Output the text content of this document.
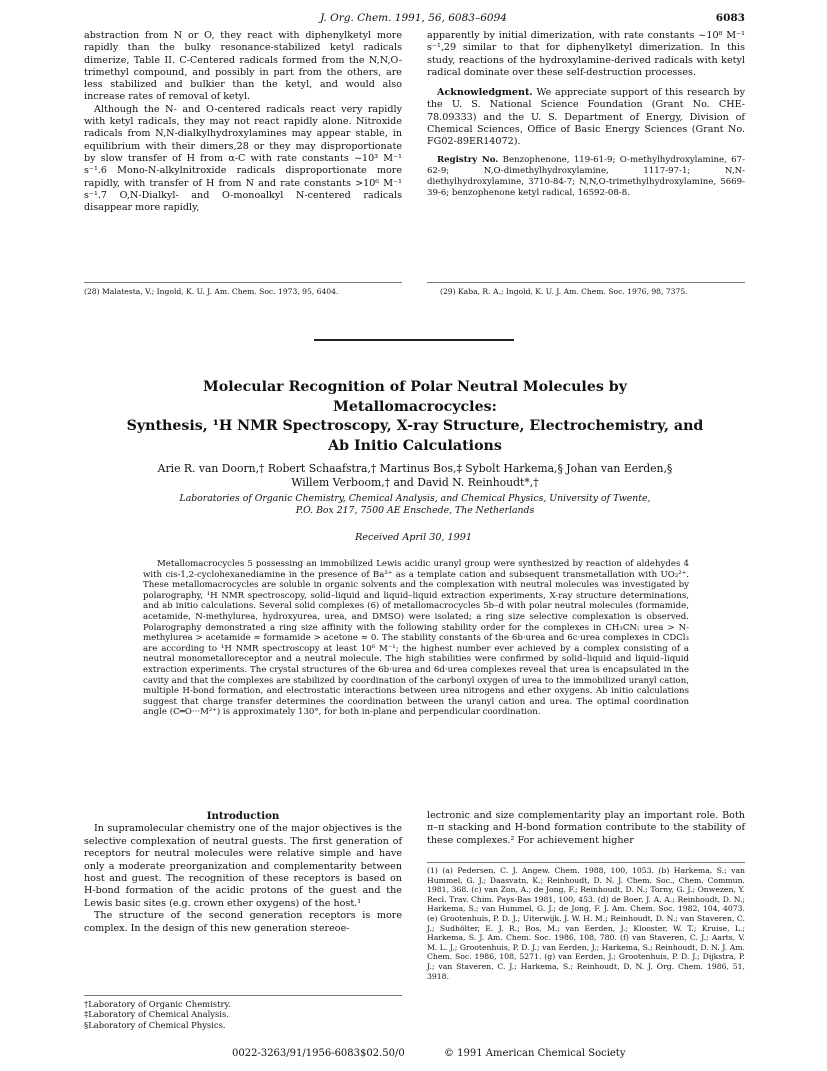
J. Org. Chem. 1991, 56, 6083–6094	6083

abstraction from N or O, they react with diphenylketyl more rapidly than the bulky resonance-stabilized ketyl radicals dimerize, Table II. C-Centered radicals formed from the N,N,O-trimethyl compound, and possibly in part from the others, are less stabilized and bulkier than the ketyl, and would also increase rates of removal of ketyl.

Although the N- and O-centered radicals react very rapidly with ketyl radicals, they may not react rapidly alone. Nitroxide radicals from N,N-dialkylhydroxylamines may appear stable, in equilibrium with their dimers,28 or they may disproportionate by slow transfer of H from α-C with rate constants ~10³ M⁻¹ s⁻¹.6 Mono-N-alkylnitroxide radicals disproportionate more rapidly, with transfer of H from N and rate constants >10⁶ M⁻¹ s⁻¹.7 O,N-Dialkyl- and O-monoalkyl N-centered radicals disappear more rapidly,

apparently by initial dimerization, with rate constants ~10⁸ M⁻¹ s⁻¹,29 similar to that for diphenylketyl dimerization. In this study, reactions of the hydroxylamine-derived radicals with ketyl radical dominate over these self-destruction processes.

Acknowledgment. We appreciate support of this research by the U. S. National Science Foundation (Grant No. CHE-78.09333) and the U. S. Department of Energy, Division of Chemical Sciences, Office of Basic Energy Sciences (Grant No. FG02-89ER14072).

Registry No. Benzophenone, 119-61-9; O-methylhydroxylamine, 67-62-9; N,O-dimethylhydroxylamine, 1117-97-1; N,N-diethylhydroxylamine, 3710-84-7; N,N,O-trimethylhydroxylamine, 5669-39-6; benzophenone ketyl radical, 16592-08-8.

(28) Malatesta, V.; Ingold, K. U. J. Am. Chem. Soc. 1973, 95, 6404.	(29) Kaba, R. A.; Ingold, K. U. J. Am. Chem. Soc. 1976, 98, 7375.
Molecular Recognition of Polar Neutral Molecules by Metallomacrocycles:
Synthesis, ¹H NMR Spectroscopy, X-ray Structure, Electrochemistry, and
Ab Initio Calculations
Arie R. van Doorn,† Robert Schaafstra,† Martinus Bos,‡ Sybolt Harkema,§ Johan van Eerden,§
Willem Verboom,† and David N. Reinhoudt*,†
Laboratories of Organic Chemistry, Chemical Analysis, and Chemical Physics, University of Twente,
P.O. Box 217, 7500 AE Enschede, The Netherlands
Received April 30, 1991

Metallomacrocycles 5 possessing an immobilized Lewis acidic uranyl group were synthesized by reaction of aldehydes 4 with cis-1,2-cyclohexanediamine in the presence of Ba²⁺ as a template cation and subsequent transmetallation with UO₂²⁺. These metallomacrocycles are soluble in organic solvents and the complexation with neutral molecules was investigated by polarography, ¹H NMR spectroscopy, solid–liquid and liquid–liquid extraction experiments, X-ray structure determinations, and ab initio calculations. Several solid complexes (6) of metallomacrocycles 5b–d with polar neutral molecules (formamide, acetamide, N-methylurea, hydroxyurea, urea, and DMSO) were isolated; a ring size selective complexation is observed. Polarography demonstrated a ring size affinity with the following stability order for the complexes in CH₃CN: urea > N-methylurea > acetamide ≈ formamide > acetone ≈ 0. The stability constants of the 6b·urea and 6c·urea complexes in CDCl₃ are according to ¹H NMR spectroscopy at least 10⁶ M⁻¹; the highest number ever achieved by a complex consisting of a neutral monometalloreceptor and a neutral molecule. The high stabilities were confirmed by solid–liquid and liquid–liquid extraction experiments. The crystal structures of the 6b·urea and 6d·urea complexes reveal that urea is encapsulated in the cavity and that the complexes are stabilized by coordination of the carbonyl oxygen of urea to the immobilized uranyl cation, multiple H-bond formation, and electrostatic interactions between urea nitrogens and ether oxygens. Ab initio calculations suggest that charge transfer determines the coordination between the uranyl cation and urea. The optimal coordination angle (C═O···M²⁺) is approximately 130°, for both in-plane and perpendicular coordination.

Introduction

In supramolecular chemistry one of the major objectives is the selective complexation of neutral guests. The first generation of receptors for neutral molecules were relative simple and have only a moderate preorganization and complementarity between host and guest. The recognition of these receptors is based on H-bond formation of the acidic protons of the guest and the Lewis basic sites (e.g. crown ether oxygens) of the host.¹

The structure of the second generation receptors is more complex. In the design of this new generation stereoe-

†Laboratory of Organic Chemistry.
‡Laboratory of Chemical Analysis.
§Laboratory of Chemical Physics.

lectronic and size complementarity play an important role. Both π–π stacking and H-bond formation contribute to the stability of these complexes.² For achievement higher

(1) (a) Pedersen, C. J. Angew. Chem. 1988, 100, 1053. (b) Harkema, S.; van Hummel, G. J.; Daasvatn, K.; Reinhoudt, D. N. J. Chem. Soc., Chem. Commun. 1981, 368. (c) van Zon, A.; de Jong, F.; Reinhoudt, D. N.; Torny, G. J.; Onwezen, Y. Recl. Trav. Chim. Pays-Bas 1981, 100, 453. (d) de Boer, J. A. A.; Reinhoudt, D. N.; Harkema, S.; van Hummel, G. J.; de Jong, F. J. Am. Chem. Soc. 1982, 104, 4073. (e) Grootenhuis, P. D. J.; Uiterwijk, J. W. H. M.; Reinhoudt, D. N.; van Staveren, C. J.; Sudhölter, E. J. R.; Bos, M.; van Eerden, J.; Klooster, W. T.; Kruise, L.; Harkema, S. J. Am. Chem. Soc. 1986, 108, 780. (f) van Staveren, C. J.; Aarts, V. M. L. J.; Grootenhuis, P. D. J.; van Eerden, J.; Harkema, S.; Reinhoudt, D. N. J. Am. Chem. Soc. 1986, 108, 5271. (g) van Eerden, J.; Grootenhuis, P. D. J.; Dijkstra, P. J.; van Staveren, C. J.; Harkema, S.; Reinhoudt, D. N. J. Org. Chem. 1986, 51, 3918.
0022-3263/91/1956-6083$02.50/0	© 1991 American Chemical Society
